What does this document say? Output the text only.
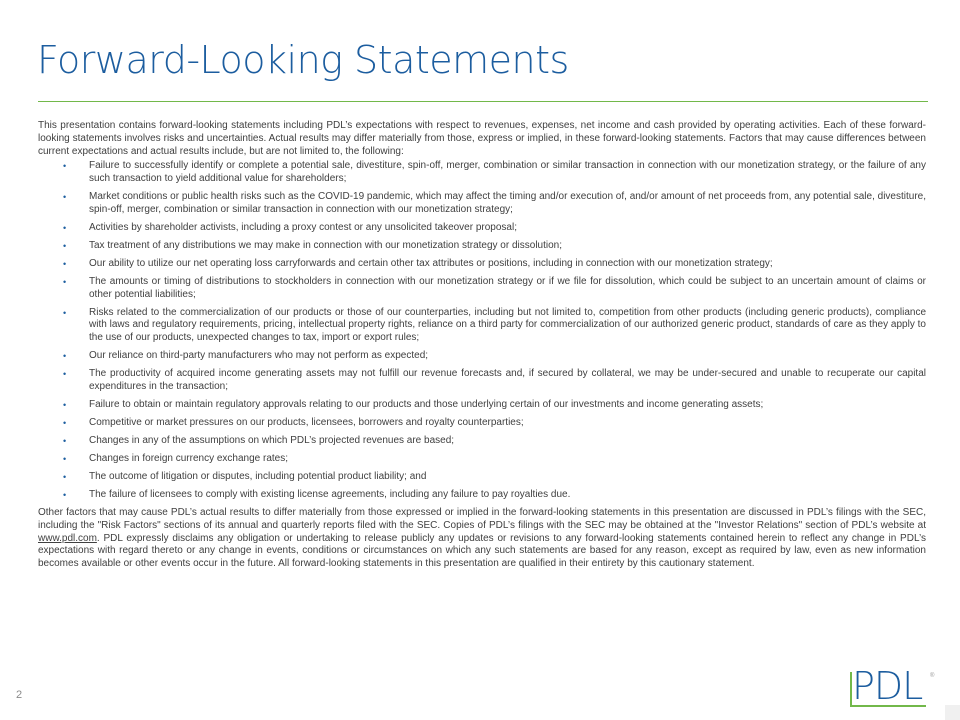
Forward-Looking Statements

This presentation contains forward-looking statements including PDL’s expectations with respect to revenues, expenses, net income and cash provided by operating activities. Each of these forward-looking statements involves risks and uncertainties. Actual results may differ materially from those, express or implied, in these forward-looking statements. Factors that may cause differences between current expectations and actual results include, but are not limited to, the following:

• Failure to successfully identify or complete a potential sale, divestiture, spin-off, merger, combination or similar transaction in connection with our monetization strategy, or the failure of any such transaction to yield additional value for shareholders;
• Market conditions or public health risks such as the COVID-19 pandemic, which may affect the timing and/or execution of, and/or amount of net proceeds from, any potential sale, divestiture, spin-off, merger, combination or similar transaction in connection with our monetization strategy;
• Activities by shareholder activists, including a proxy contest or any unsolicited takeover proposal;
• Tax treatment of any distributions we may make in connection with our monetization strategy or dissolution;
• Our ability to utilize our net operating loss carryforwards and certain other tax attributes or positions, including in connection with our monetization strategy;
• The amounts or timing of distributions to stockholders in connection with our monetization strategy or if we file for dissolution, which could be subject to an uncertain amount of claims or other potential liabilities;
• Risks related to the commercialization of our products or those of our counterparties, including but not limited to, competition from other products (including generic products), compliance with laws and regulatory requirements, pricing, intellectual property rights, reliance on a third party for commercialization of our authorized generic product, standards of care as they apply to the use of our products, unexpected changes to tax, import or export rules;
• Our reliance on third-party manufacturers who may not perform as expected;
• The productivity of acquired income generating assets may not fulfill our revenue forecasts and, if secured by collateral, we may be under-secured and unable to recuperate our capital expenditures in the transaction;
• Failure to obtain or maintain regulatory approvals relating to our products and those underlying certain of our investments and income generating assets;
• Competitive or market pressures on our products, licensees, borrowers and royalty counterparties;
• Changes in any of the assumptions on which PDL’s projected revenues are based;
• Changes in foreign currency exchange rates;
• The outcome of litigation or disputes, including potential product liability; and
• The failure of licensees to comply with existing license agreements, including any failure to pay royalties due.

Other factors that may cause PDL’s actual results to differ materially from those expressed or implied in the forward-looking statements in this presentation are discussed in PDL’s filings with the SEC, including the "Risk Factors" sections of its annual and quarterly reports filed with the SEC. Copies of PDL’s filings with the SEC may be obtained at the "Investor Relations" section of PDL’s website at www.pdl.com. PDL expressly disclaims any obligation or undertaking to release publicly any updates or revisions to any forward-looking statements contained herein to reflect any change in PDL’s expectations with regard thereto or any change in events, conditions or circumstances on which any such statements are based for any reason, except as required by law, even as new information becomes available or other events occur in the future. All forward-looking statements in this presentation are qualified in their entirety by this cautionary statement.

2	PDL ®
